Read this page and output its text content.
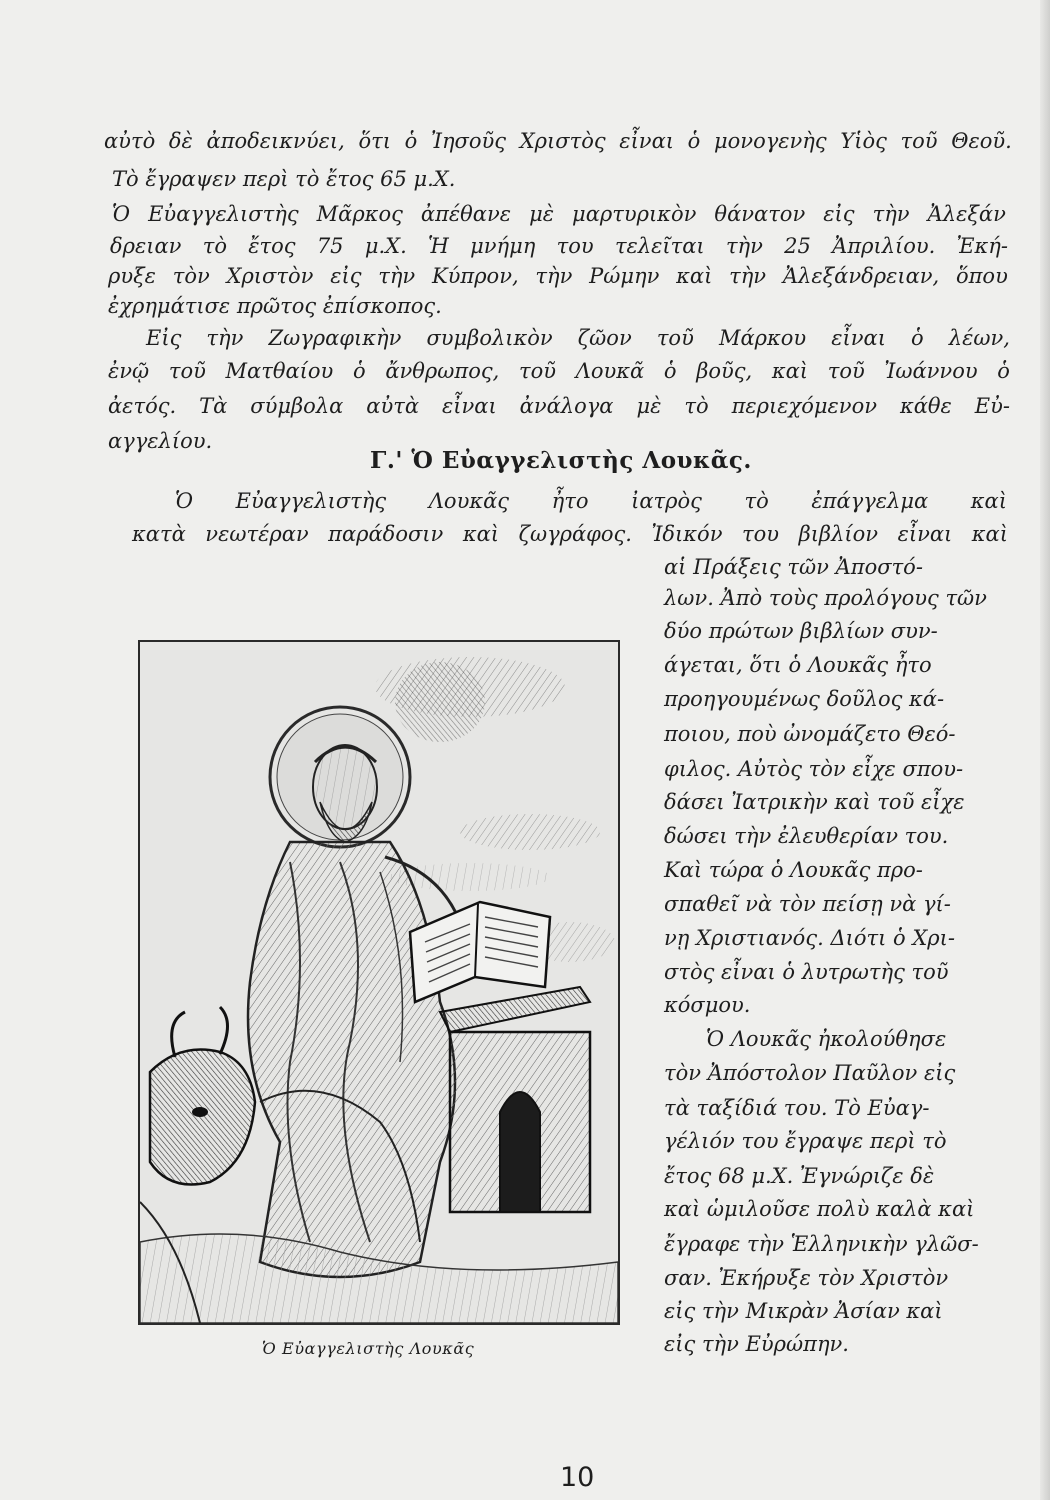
αὐτὸ δὲ ἀποδεικνύει, ὅτι ὁ Ἰησοῦς Χριστὸς εἶναι ὁ μονογενὴς Υἱὸς τοῦ Θεοῦ.
Τὸ ἔγραψεν περὶ τὸ ἔτος 65 μ.Χ.
Ὁ Εὐαγγελιστὴς Μᾶρκος ἀπέθανε μὲ μαρτυρικὸν θάνατον εἰς τὴν Ἀλεξάν
δρειαν τὸ ἔτος 75 μ.Χ. Ἡ μνήμη του τελεῖται τὴν 25 Ἀπριλίου. Ἐκή-
ρυξε τὸν Χριστὸν εἰς τὴν Κύπρον, τὴν Ρώμην καὶ τὴν Ἀλεξάνδρειαν, ὅπου
ἐχρημάτισε πρῶτος ἐπίσκοπος.
Εἰς τὴν Ζωγραφικὴν συμβολικὸν ζῶον τοῦ Μάρκου εἶναι ὁ λέων,
ἐνῷ τοῦ Ματθαίου ὁ ἄνθρωπος, τοῦ Λουκᾶ ὁ βοῦς, καὶ τοῦ Ἰωάννου ὁ
ἀετός. Τὰ σύμβολα αὐτὰ εἶναι ἀνάλογα μὲ τὸ περιεχόμενον κάθε Εὐ-
αγγελίου.
Γ.' Ὁ Εὐαγγελιστὴς Λουκᾶς.
Ὁ Εὐαγγελιστὴς Λουκᾶς ἦτο ἰατρὸς τὸ ἐπάγγελμα καὶ
κατὰ νεωτέραν παράδοσιν καὶ ζωγράφος. Ἰδικόν του βιβλίον εἶναι καὶ
αἱ Πράξεις τῶν Ἀποστό-
λων. Ἀπὸ τοὺς προλόγους τῶν
δύο πρώτων βιβλίων συν-
άγεται, ὅτι ὁ Λουκᾶς ἦτο
προηγουμένως δοῦλος κά-
ποιου, ποὺ ὠνομάζετο Θεό-
φιλος. Αὐτὸς τὸν εἶχε σπου-
δάσει Ἰατρικὴν καὶ τοῦ εἶχε
δώσει τὴν ἐλευθερίαν του.
Καὶ τώρα ὁ Λουκᾶς προ-
σπαθεῖ νὰ τὸν πείσῃ νὰ γί-
νῃ Χριστιανός. Διότι ὁ Χρι-
στὸς εἶναι ὁ λυτρωτὴς τοῦ
κόσμου.
Ὁ Λουκᾶς ἠκολούθησε
τὸν Ἀπόστολον Παῦλον εἰς
τὰ ταξίδιά του. Τὸ Εὐαγ-
γέλιόν του ἔγραψε περὶ τὸ
ἔτος 68 μ.Χ. Ἐγνώριζε δὲ
καὶ ὡμιλοῦσε πολὺ καλὰ καὶ
ἔγραφε τὴν Ἑλληνικὴν γλῶσ-
σαν. Ἐκήρυξε τὸν Χριστὸν
εἰς τὴν Μικρὰν Ἀσίαν καὶ
εἰς τὴν Εὐρώπην.
Ὁ Εὐαγγελιστὴς Λουκᾶς
10
